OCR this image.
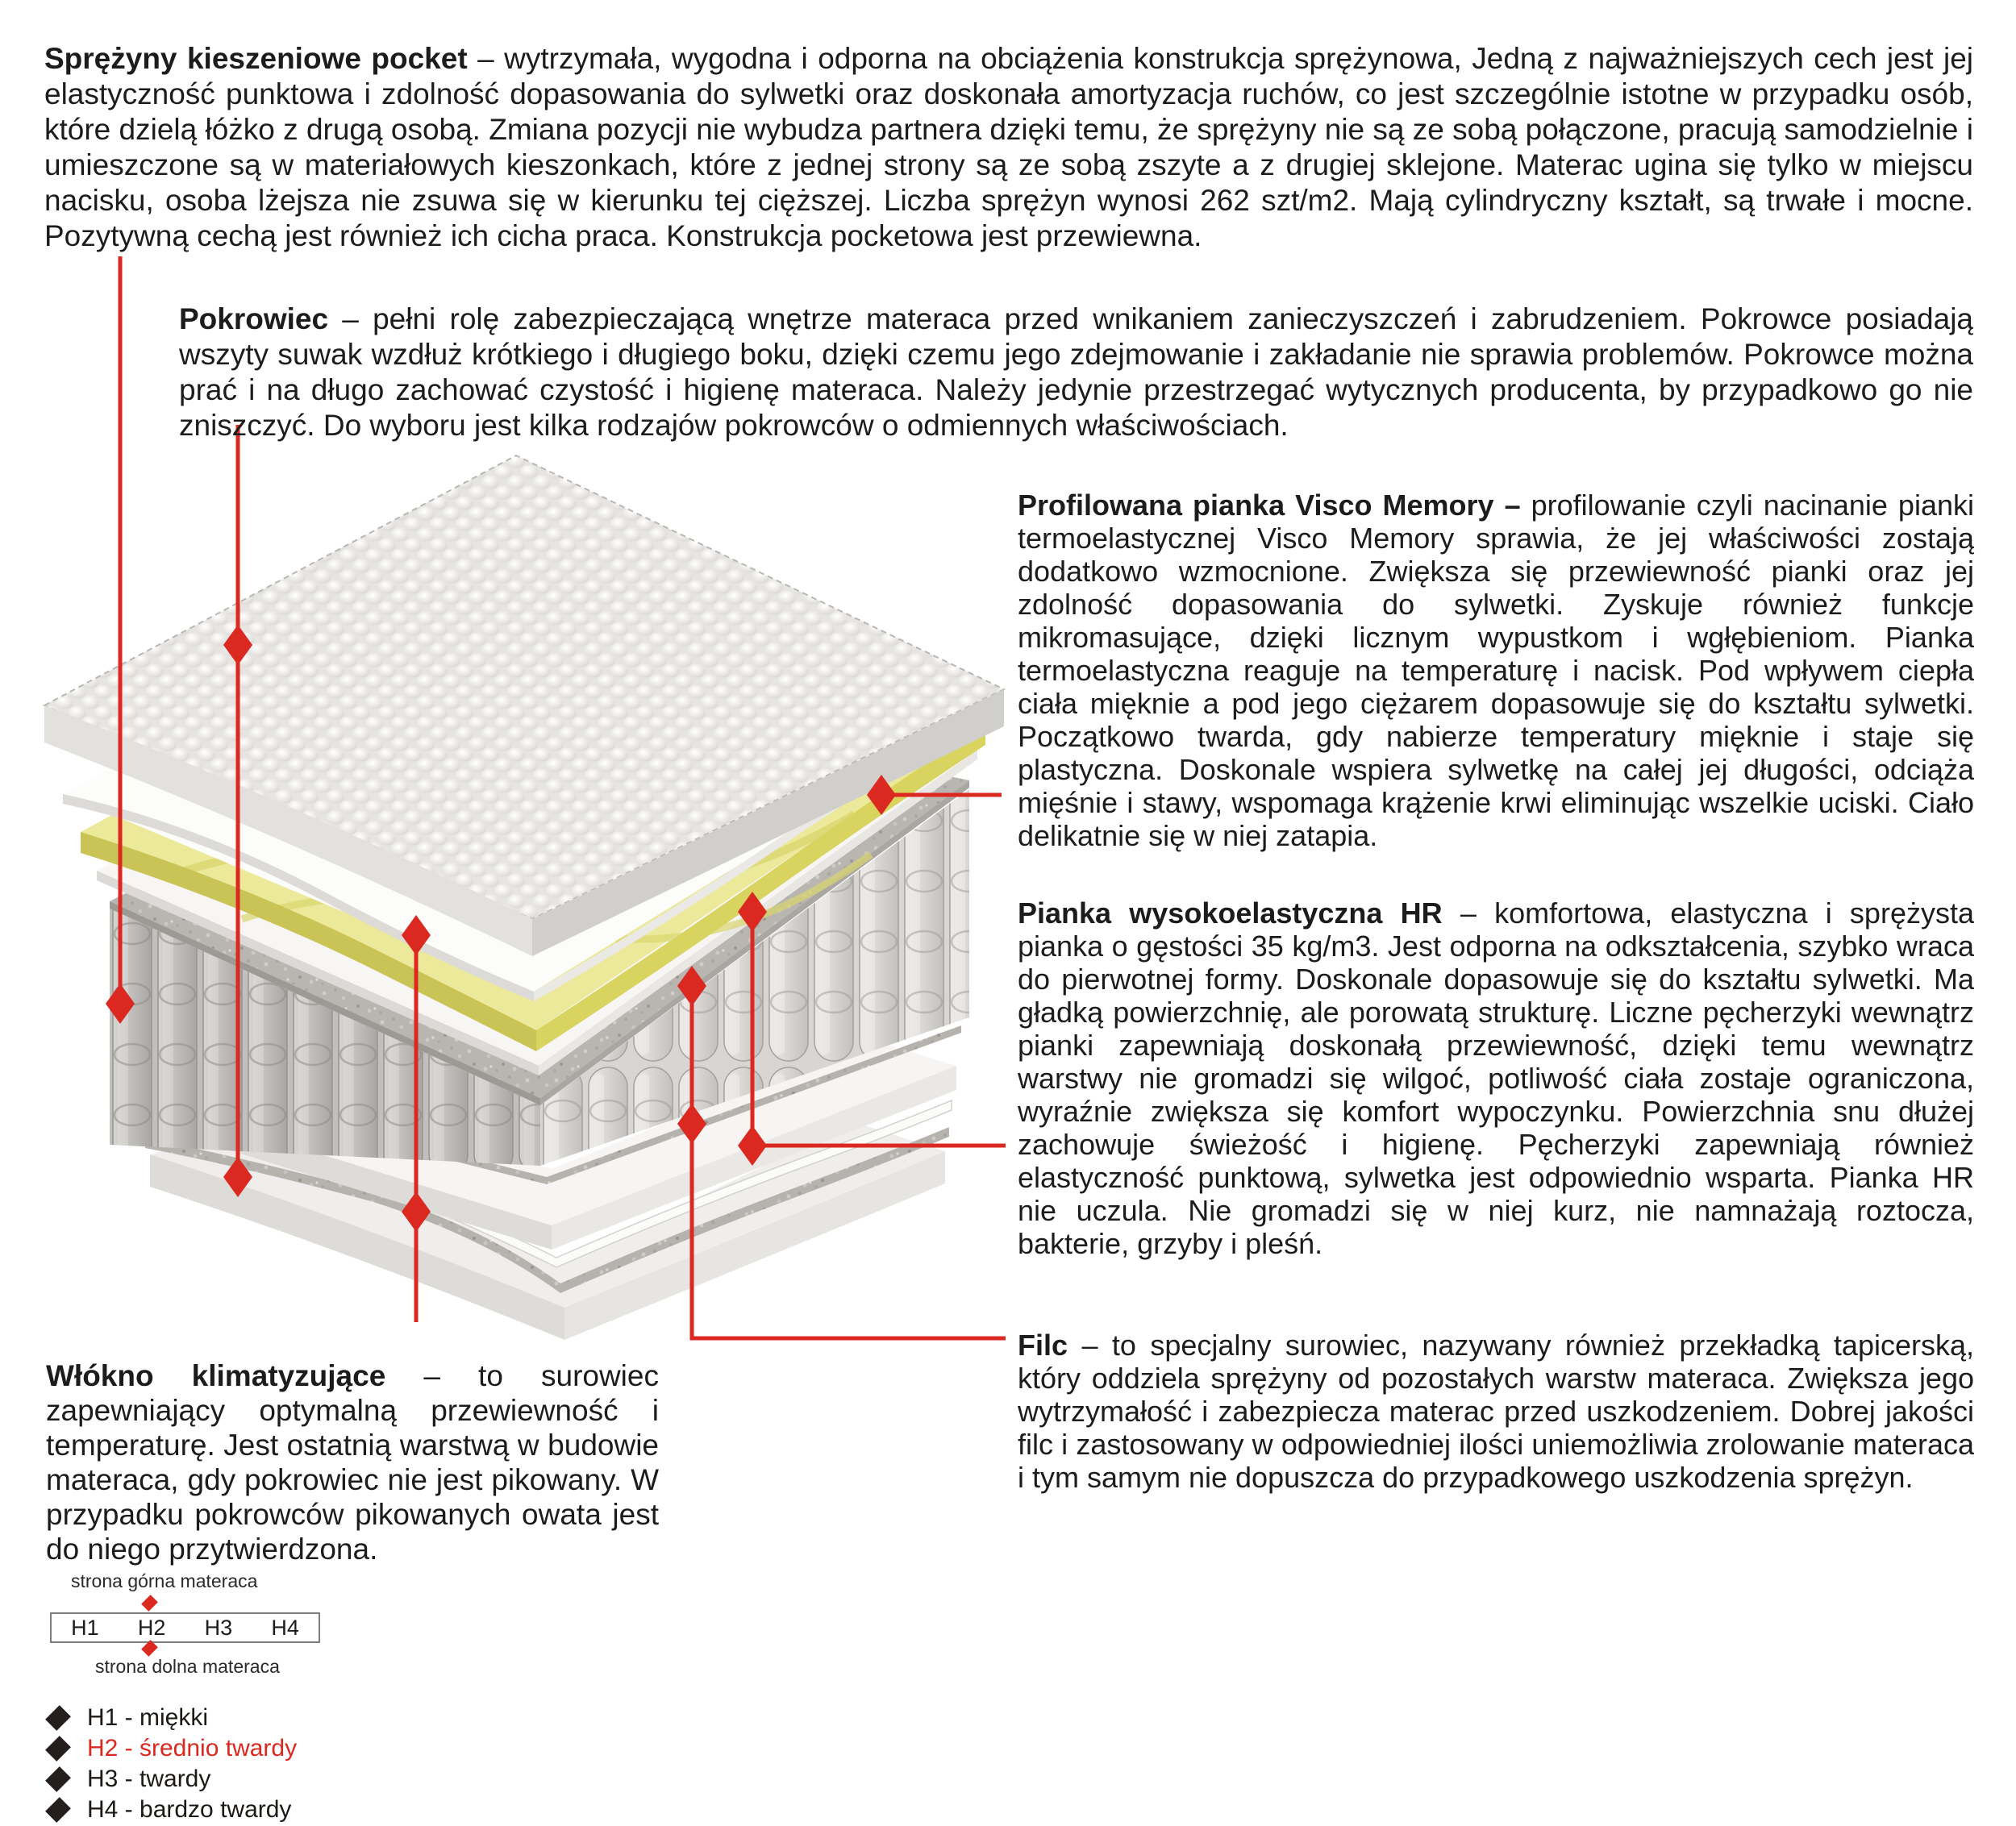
Sprężyny kieszeniowe pocket – wytrzymała, wygodna i odporna na obciążenia konstrukcja sprężynowa, Jedną z najważniejszych cech jest jej elastyczność punktowa i zdolność dopasowania do sylwetki oraz doskonała amortyzacja ruchów, co jest szczególnie istotne w przypadku osób, które dzielą łóżko z drugą osobą. Zmiana pozycji nie wybudza partnera dzięki temu, że sprężyny nie są ze sobą połączone, pracują samodzielnie i umieszczone są w materiałowych kieszonkach, które z jednej strony są ze sobą zszyte a z drugiej sklejone. Materac ugina się tylko w miejscu nacisku, osoba lżejsza nie zsuwa się w kierunku tej cięższej. Liczba sprężyn wynosi 262 szt/m2. Mają cylindryczny kształt, są trwałe i mocne. Pozytywną cechą jest również ich cicha praca. Konstrukcja pocketowa jest przewiewna.

Pokrowiec – pełni rolę zabezpieczającą wnętrze materaca przed wnikaniem zanieczyszczeń i zabrudzeniem. Pokrowce posiadają wszyty suwak wzdłuż krótkiego i długiego boku, dzięki czemu jego zdejmowanie i zakładanie nie sprawia problemów. Pokrowce można prać i na długo zachować czystość i higienę materaca. Należy jedynie przestrzegać wytycznych producenta, by przypadkowo go nie zniszczyć. Do wyboru jest kilka rodzajów pokrowców o odmiennych właściwościach.

Profilowana pianka Visco Memory – profilowanie czyli nacinanie pianki termoelastycznej Visco Memory sprawia, że jej właściwości zostają dodatkowo wzmocnione. Zwiększa się przewiewność pianki oraz jej zdolność dopasowania do sylwetki. Zyskuje również funkcje mikromasujące, dzięki licznym wypustkom i wgłębieniom. Pianka termoelastyczna reaguje na temperaturę i nacisk. Pod wpływem ciepła ciała mięknie a pod jego ciężarem dopasowuje się do kształtu sylwetki. Początkowo twarda, gdy nabierze temperatury mięknie i staje się plastyczna. Doskonale wspiera sylwetkę na całej jej długości, odciąża mięśnie i stawy, wspomaga krążenie krwi eliminując wszelkie uciski. Ciało delikatnie się w niej zatapia.

Pianka wysokoelastyczna HR – komfortowa, elastyczna i sprężysta pianka o gęstości 35 kg/m3. Jest odporna na odkształcenia, szybko wraca do pierwotnej formy. Doskonale dopasowuje się do kształtu sylwetki. Ma gładką powierzchnię, ale porowatą strukturę. Liczne pęcherzyki wewnątrz pianki zapewniają doskonałą przewiewność, dzięki temu wewnątrz warstwy nie gromadzi się wilgoć, potliwość ciała zostaje ograniczona, wyraźnie zwiększa się komfort wypoczynku. Powierzchnia snu dłużej zachowuje świeżość i higienę. Pęcherzyki zapewniają również elastyczność punktową, sylwetka jest odpowiednio wsparta. Pianka HR nie uczula. Nie gromadzi się w niej kurz, nie namnażają roztocza, bakterie, grzyby i pleśń.

Filc – to specjalny surowiec, nazywany również przekładką tapicerską, który oddziela sprężyny od pozostałych warstw materaca. Zwiększa jego wytrzymałość i zabezpiecza materac przed uszkodzeniem. Dobrej jakości filc i zastosowany w odpowiedniej ilości uniemożliwia zrolowanie materaca i tym samym nie dopuszcza do przypadkowego uszkodzenia sprężyn.

Włókno klimatyzujące – to surowiec zapewniający optymalną przewiewność i temperaturę. Jest ostatnią warstwą w budowie materaca, gdy pokrowiec nie jest pikowany. W przypadku pokrowców pikowanych owata jest do niego przytwierdzona.

strona górna materaca
H1 H2 H3 H4
strona dolna materaca
H1 - miękki
H2 - średnio twardy
H3 - twardy
H4 - bardzo twardy
